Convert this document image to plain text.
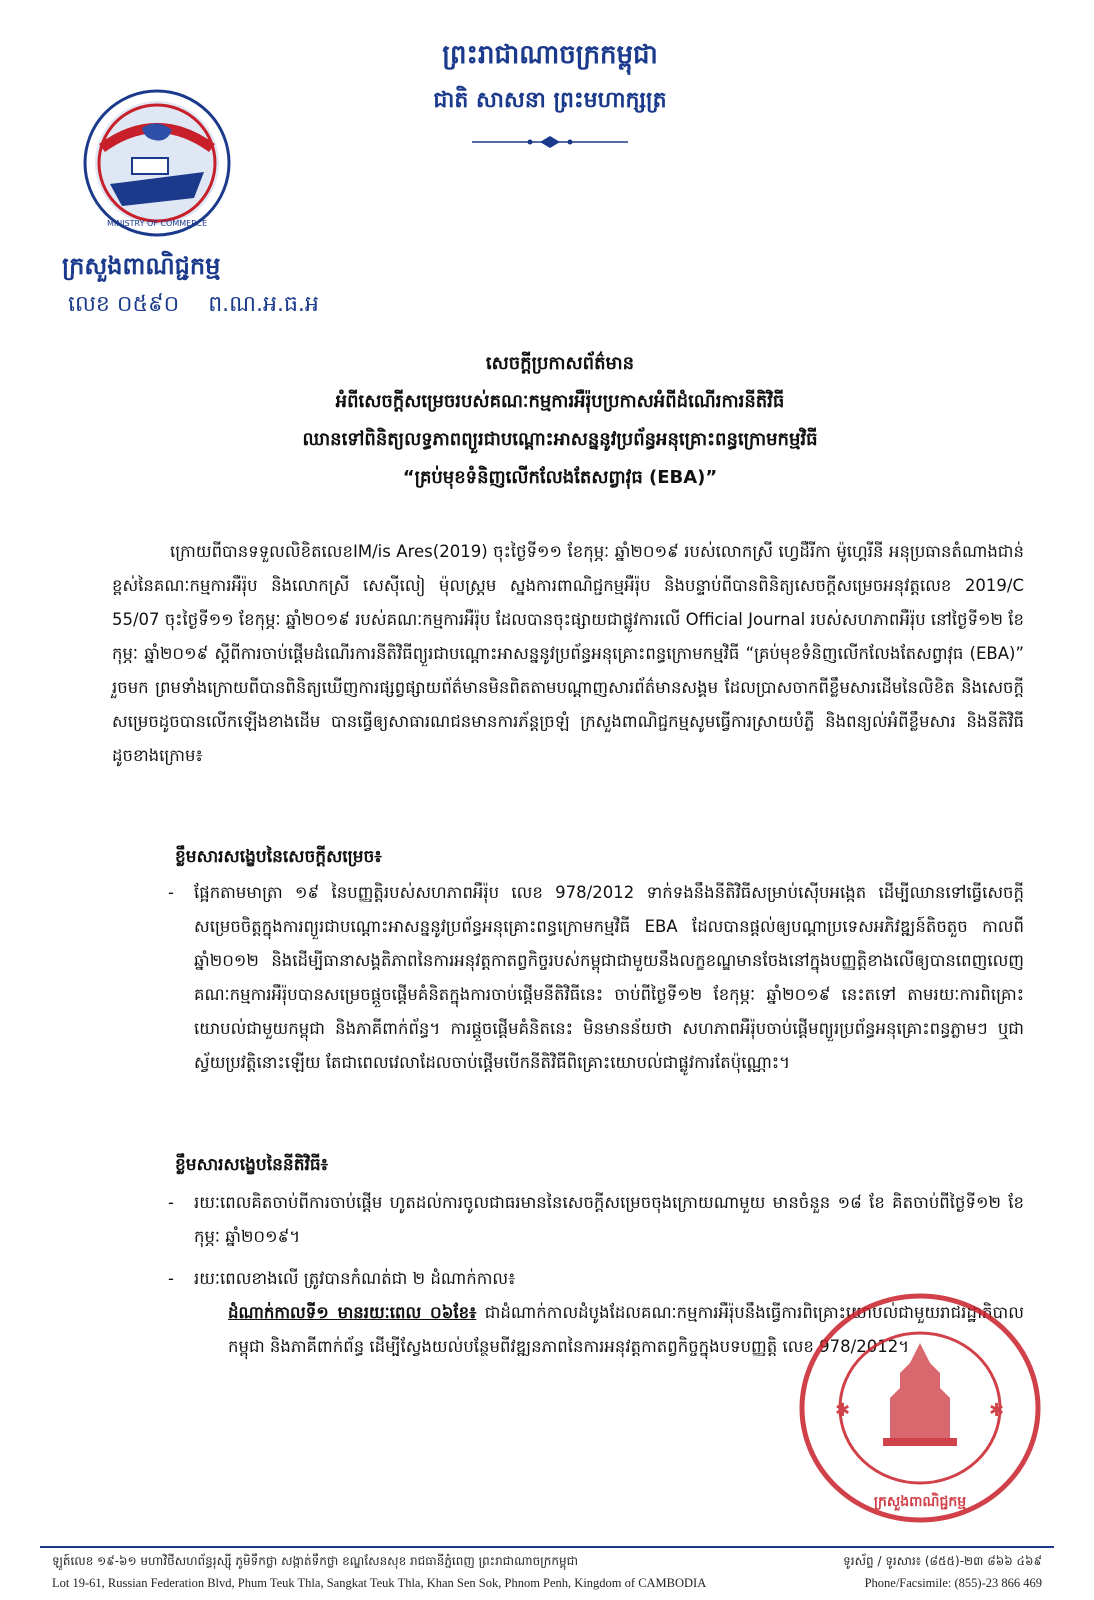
ព្រះរាជាណាចក្រកម្ពុជា
ជាតិ សាសនា ព្រះមហាក្សត្រ
MINISTRY OF COMMERCE
ក្រសួងពាណិជ្ជកម្ម
លេខ ០៥៩០ ព.ណ.អ.ធ.អ
សេចក្តីប្រកាសព័ត៌មាន
អំពីសេចក្តីសម្រេចរបស់គណៈកម្មការអឺរ៉ុបប្រកាសអំពីដំណើរការនីតិវិធី
ឈានទៅពិនិត្យលទ្ធភាពព្យួរជាបណ្តោះអាសន្ននូវប្រព័ន្ធអនុគ្រោះពន្ធក្រោមកម្មវិធី
“គ្រប់មុខទំនិញលើកលែងតែសព្វាវុធ (EBA)”
ក្រោយពីបានទទួលលិខិតលេខIM/is Ares(2019) ចុះថ្ងៃទី១១ ខែកុម្ភៈ ឆ្នាំ២០១៩ របស់លោកស្រី ហ្វេដឺរីកា ម៉ូហ្គេរីនី អនុប្រធានតំណាងជាន់ខ្ពស់នៃគណៈកម្មការអឺរ៉ុប និងលោកស្រី សេស៊ីលៀ ម៉ុលស្ត្រម ស្នងការពាណិជ្ជកម្មអឺរ៉ុប និងបន្ទាប់ពីបានពិនិត្យសេចក្តីសម្រេចអនុវត្តលេខ 2019/C 55/07 ចុះថ្ងៃទី១១ ខែកុម្ភៈ ឆ្នាំ២០១៩ របស់គណៈកម្មការអឺរ៉ុប ដែលបានចុះផ្សាយជាផ្លូវការលើ Official Journal របស់សហភាពអឺរ៉ុប នៅថ្ងៃទី១២ ខែកុម្ភៈ ឆ្នាំ២០១៩ ស្តីពីការចាប់ផ្តើមដំណើរការនីតិវិធីព្យួរជាបណ្តោះអាសន្ននូវប្រព័ន្ធអនុគ្រោះពន្ធក្រោមកម្មវិធី “គ្រប់មុខទំនិញលើកលែងតែសព្វាវុធ (EBA)” រួចមក ព្រមទាំងក្រោយពីបានពិនិត្យឃើញការផ្សព្វផ្សាយព័ត៌មានមិនពិតតាមបណ្តាញសារព័ត៌មានសង្គម ដែលប្រាសចាកពីខ្លឹមសារដើមនៃលិខិត និងសេចក្តីសម្រេចដូចបានលើកឡើងខាងដើម បានធ្វើឲ្យសាធារណជនមានការភ័ន្តច្រឡំ ក្រសួងពាណិជ្ជកម្មសូមធ្វើការស្រាយបំភ្លឺ និងពន្យល់អំពីខ្លឹមសារ និងនីតិវិធី ដូចខាងក្រោម៖
ខ្លឹមសារសង្ខេបនៃសេចក្តីសម្រេច៖
- ផ្អែកតាមមាត្រា ១៩ នៃបញ្ញត្តិរបស់សហភាពអឺរ៉ុប លេខ 978/2012 ទាក់ទងនឹងនីតិវិធីសម្រាប់ស៊ើបអង្កេត ដើម្បីឈានទៅធ្វើសេចក្តីសម្រេចចិត្តក្នុងការព្យួរជាបណ្តោះអាសន្ននូវប្រព័ន្ធអនុគ្រោះពន្ធក្រោមកម្មវិធី EBA ដែលបានផ្តល់ឲ្យបណ្តាប្រទេសអភិវឌ្ឍន៍តិចតួច កាលពីឆ្នាំ២០១២ និងដើម្បីធានាសង្គតិភាពនៃការអនុវត្តកាតព្វកិច្ចរបស់កម្ពុជាជាមួយនឹងលក្ខខណ្ឌមានចែងនៅក្នុងបញ្ញត្តិខាងលើឲ្យបានពេញលេញ គណៈកម្មការអឺរ៉ុបបានសម្រេចផ្តួចផ្តើមគំនិតក្នុងការចាប់ផ្តើមនីតិវិធីនេះ ចាប់ពីថ្ងៃទី១២ ខែកុម្ភៈ ឆ្នាំ២០១៩ នេះតទៅ តាមរយៈការពិគ្រោះយោបល់ជាមួយកម្ពុជា និងភាគីពាក់ព័ន្ធ។ ការផ្តួចផ្តើមគំនិតនេះ មិនមានន័យថា សហភាពអឺរ៉ុបចាប់ផ្តើមព្យួរប្រព័ន្ធអនុគ្រោះពន្ធភ្លាមៗ ឬជាស្វ័យប្រវត្តិនោះឡើយ តែជាពេលវេលាដែលចាប់ផ្តើមបើកនីតិវិធីពិគ្រោះយោបល់ជាផ្លូវការតែប៉ុណ្ណោះ។
ខ្លឹមសារសង្ខេបនៃនីតិវិធី៖
- រយៈពេលគិតចាប់ពីការចាប់ផ្តើម ហូតដល់ការចូលជាធរមាននៃសេចក្តីសម្រេចចុងក្រោយណាមួយ មានចំនួន ១៨ ខែ គិតចាប់ពីថ្ងៃទី១២ ខែកុម្ភៈ ឆ្នាំ២០១៩។
- រយៈពេលខាងលើ ត្រូវបានកំណត់ជា ២ ដំណាក់កាល៖
ដំណាក់កាលទី១ មានរយៈពេល ០៦ខែ៖ ជាដំណាក់កាលដំបូងដែលគណៈកម្មការអឺរ៉ុបនឹងធ្វើការពិគ្រោះយោបល់ជាមួយរាជរដ្ឋាភិបាលកម្ពុជា និងភាគីពាក់ព័ន្ធ ដើម្បីស្វែងយល់បន្ថែមពីវឌ្ឍនភាពនៃការអនុវត្តកាតព្វកិច្ចក្នុងបទបញ្ញត្តិ លេខ 978/2012។
✱	✱
ក្រសួងពាណិជ្ជកម្ម
ឡូត៍លេខ ១៩-៦១ មហាវិថីសហព័ន្ធរុស្ស៊ី ភូមិទឹកថ្លា សង្កាត់ទឹកថ្លា ខណ្ឌសែនសុខ រាជធានីភ្នំពេញ ព្រះរាជាណាចក្រកម្ពុជា	ទូរស័ព្ទ / ទូរសារ៖ (៨៥៥)-២៣ ៨៦៦ ៤៦៩
Lot 19-61, Russian Federation Blvd, Phum Teuk Thla, Sangkat Teuk Thla, Khan Sen Sok, Phnom Penh, Kingdom of CAMBODIA	Phone/Facsimile: (855)-23 866 469
